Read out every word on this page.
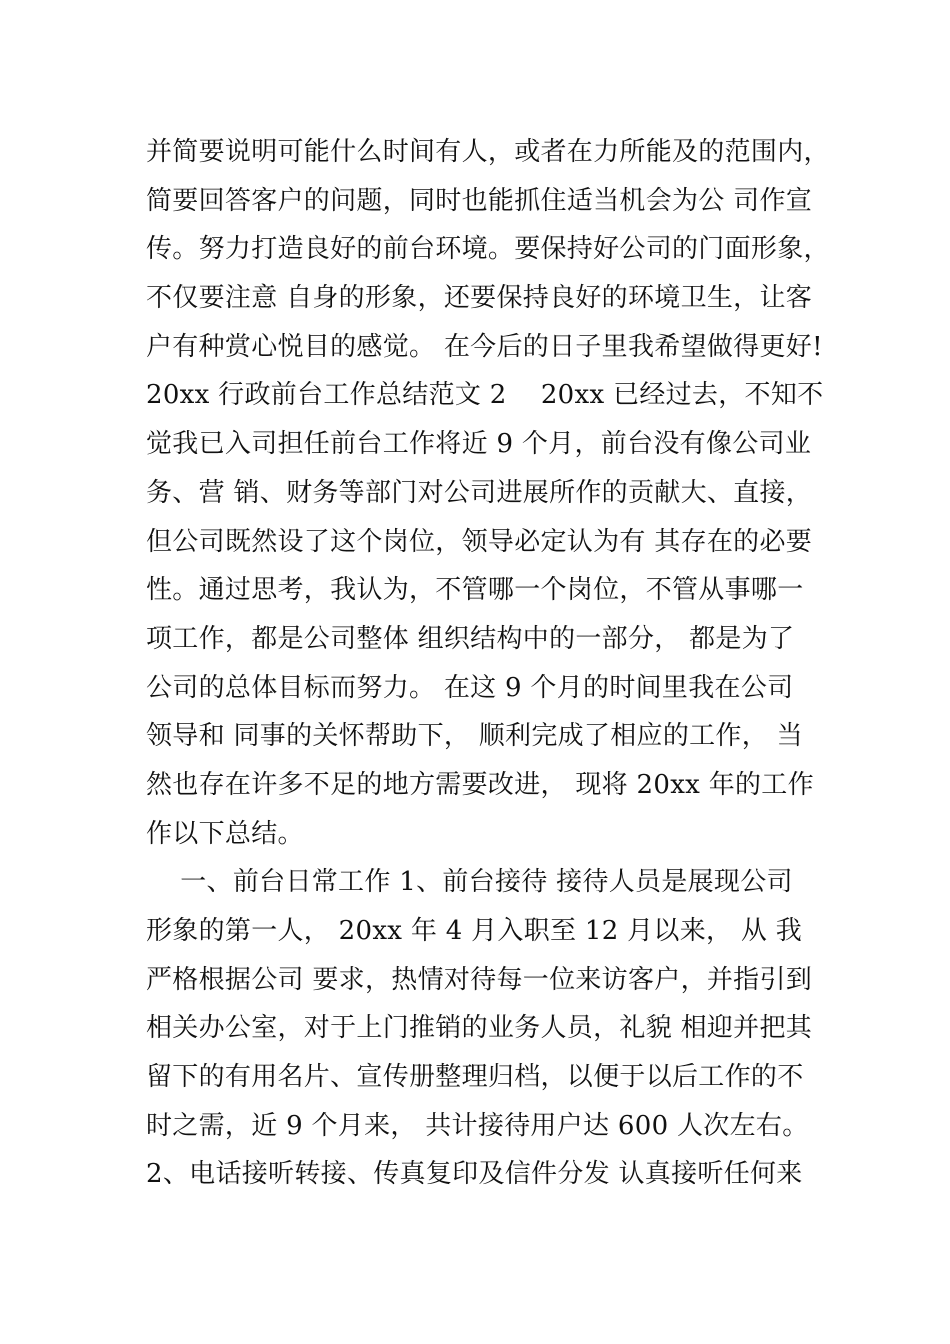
并简要说明可能什么时间有人，或者在力所能及的范围内，
简要回答客户的问题，同时也能抓住适当机会为公 司作宣
传。努力打造良好的前台环境。要保持好公司的门面形象，
不仅要注意 自身的形象，还要保持良好的环境卫生，让客
户有种赏心悦目的感觉。 在今后的日子里我希望做得更好!
20xx 行政前台工作总结范文 2    20xx 已经过去，不知不
觉我已入司担任前台工作将近 9 个月，前台没有像公司业
务、营 销、财务等部门对公司进展所作的贡献大、直接，
但公司既然设了这个岗位，领导必定认为有 其存在的必要
性。通过思考，我认为，不管哪一个岗位，不管从事哪一
项工作，都是公司整体 组织结构中的一部分， 都是为了
公司的总体目标而努力。 在这 9 个月的时间里我在公司
领导和 同事的关怀帮助下， 顺利完成了相应的工作， 当
然也存在许多不足的地方需要改进， 现将 20xx 年的工作
作以下总结。
一、前台日常工作 1、前台接待 接待人员是展现公司
形象的第一人， 20xx 年 4 月入职至 12 月以来， 从 我
严格根据公司 要求，热情对待每一位来访客户，并指引到
相关办公室，对于上门推销的业务人员，礼貌 相迎并把其
留下的有用名片、宣传册整理归档，以便于以后工作的不
时之需，近 9 个月来， 共计接待用户达 600 人次左右。
2、电话接听转接、传真复印及信件分发 认真接听任何来
